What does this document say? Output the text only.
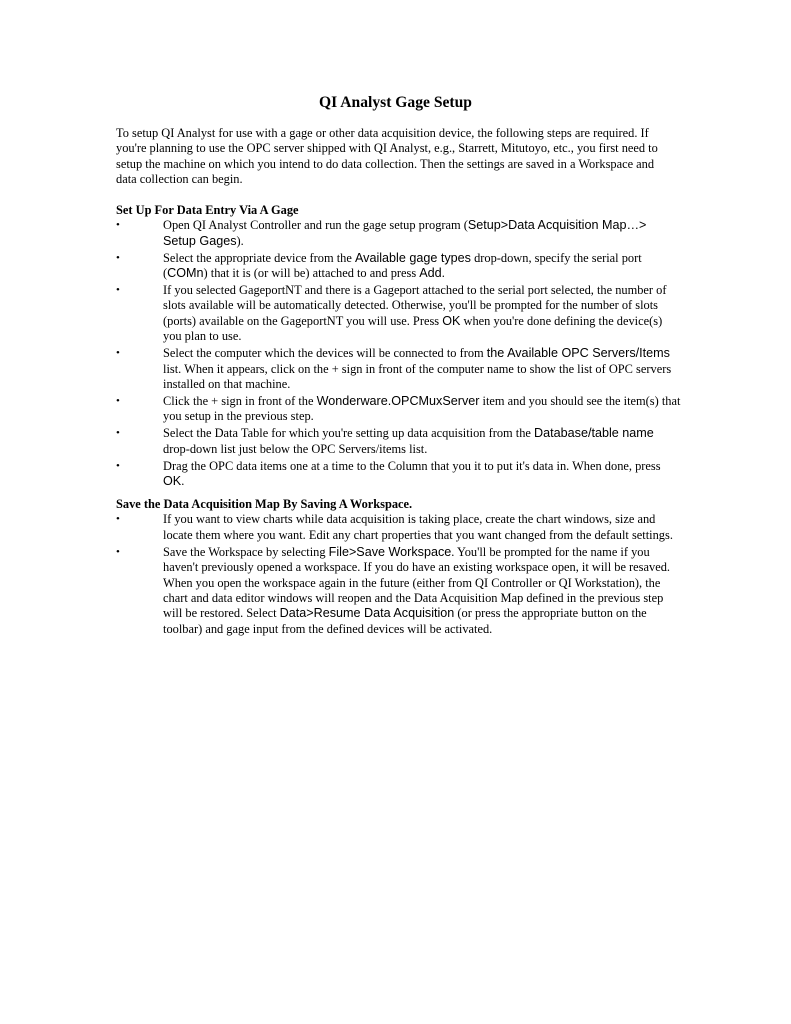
QI Analyst Gage Setup
To setup QI Analyst for use with a gage or other data acquisition device, the following steps are required. If you're planning to use the OPC server shipped with QI Analyst, e.g., Starrett, Mitutoyo, etc., you first need to setup the machine on which you intend to do data collection. Then the settings are saved in a Workspace and data collection can begin.
Set Up For Data Entry Via A Gage
•	Open QI Analyst Controller and run the gage setup program (Setup>Data Acquisition Map…> Setup Gages).
•	Select the appropriate device from the Available gage types drop-down, specify the serial port (COMn) that it is (or will be) attached to and press Add.
•	If you selected GageportNT and there is a Gageport attached to the serial port selected, the number of slots available will be automatically detected. Otherwise, you'll be prompted for the number of slots (ports) available on the GageportNT you will use. Press OK when you're done defining the device(s) you plan to use.
•	Select the computer which the devices will be connected to from the Available OPC Servers/Items list. When it appears, click on the + sign in front of the computer name to show the list of OPC servers installed on that machine.
•	Click the + sign in front of the Wonderware.OPCMuxServer item and you should see the item(s) that you setup in the previous step.
•	Select the Data Table for which you're setting up data acquisition from the Database/table name drop-down list just below the OPC Servers/items list.
•	Drag the OPC data items one at a time to the Column that you it to put it's data in. When done, press OK.
Save the Data Acquisition Map By Saving A Workspace.
•	If you want to view charts while data acquisition is taking place, create the chart windows, size and locate them where you want. Edit any chart properties that you want changed from the default settings.
•	Save the Workspace by selecting File>Save Workspace. You'll be prompted for the name if you haven't previously opened a workspace. If you do have an existing workspace open, it will be resaved. When you open the workspace again in the future (either from QI Controller or QI Workstation), the chart and data editor windows will reopen and the Data Acquisition Map defined in the previous step will be restored. Select Data>Resume Data Acquisition (or press the appropriate button on the toolbar) and gage input from the defined devices will be activated.
